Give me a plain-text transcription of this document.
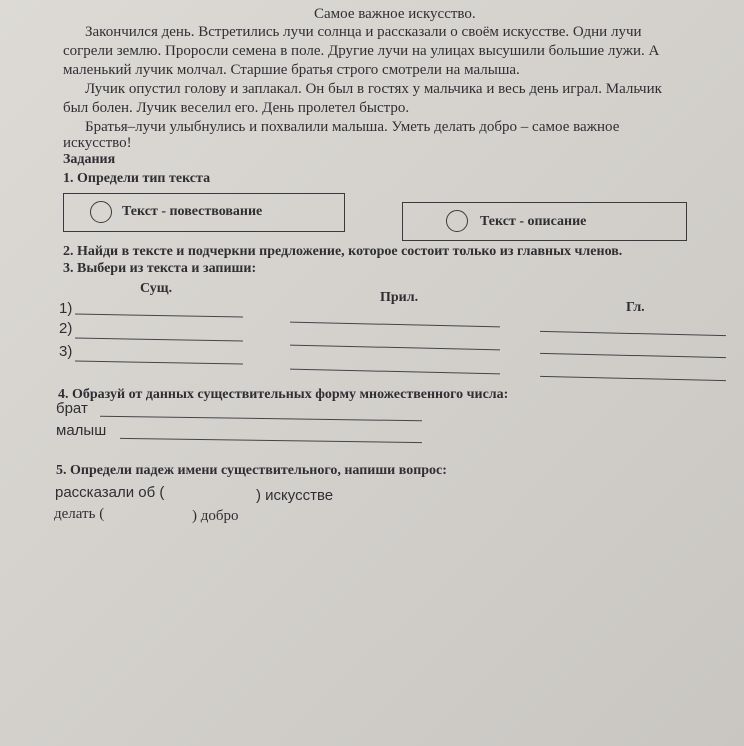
Самое важное искусство.
Закончился день. Встретились лучи солнца и рассказали о своём искусстве. Одни лучи
согрели землю. Проросли семена в поле. Другие лучи на улицах высушили большие лужи. А
маленький лучик молчал. Старшие братья строго смотрели на малыша.
Лучик опустил голову и заплакал. Он был в гостях у мальчика и весь день играл. Мальчик
был болен. Лучик веселил его. День пролетел быстро.
Братья–лучи улыбнулись и похвалили малыша. Уметь делать добро – самое важное
искусство!
Задания
1. Определи тип текста
Текст - повествование
Текст - описание
2. Найди в тексте и подчеркни предложение, которое состоит только из главных членов.
3. Выбери из текста и запиши:
Сущ.
Прил.
Гл.
1)
2)
3)
4. Образуй от данных существительных форму множественного числа:
брат
малыш
5. Определи падеж имени существительного, напиши вопрос:
рассказали об (	) искусстве
делать (	) добро
